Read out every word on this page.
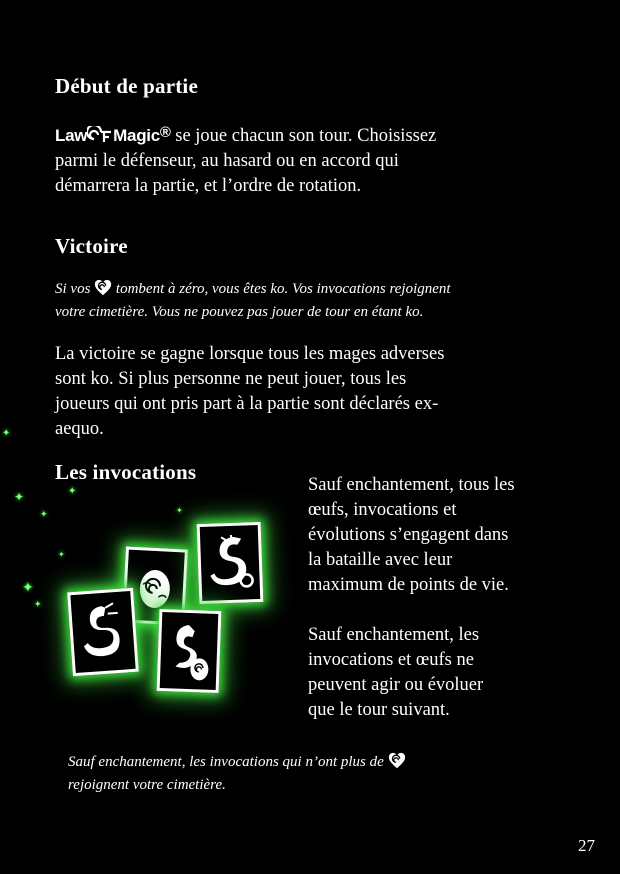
Début de partie
Law Magic® se joue chacun son tour. Choisissez
parmi le défenseur, au hasard ou en accord qui
démarrera la partie, et l’ordre de rotation.
Victoire
Si vos tombent à zéro, vous êtes ko. Vos invocations rejoignent
votre cimetière. Vous ne pouvez pas jouer de tour en étant ko.
La victoire se gagne lorsque tous les mages adverses
sont ko. Si plus personne ne peut jouer, tous les
joueurs qui ont pris part à la partie sont déclarés ex-
aequo.
Les invocations
Sauf enchantement, tous les
œufs, invocations et
évolutions s’engagent dans
la bataille avec leur
maximum de points de vie.
Sauf enchantement, les
invocations et œufs ne
peuvent agir ou évoluer
que le tour suivant.
✦
✦
✦
✦
✦
✦
✦
✦
Sauf enchantement, les invocations qui n’ont plus de
rejoignent votre cimetière.
27
